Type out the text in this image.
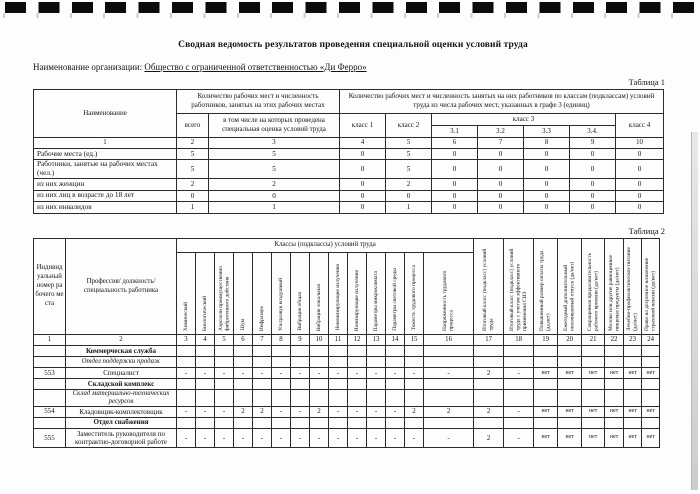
Сводная ведомость результатов проведения специальной оценки условий труда
Наименование организации: Общество с ограниченной ответственностью «Ди Ферро»
Таблица 1
Наименование	Количество рабочих мест и численность работников, занятых на этих рабочих местах		Количество рабочих мест и численность занятых на них работников по классам (подклассам) условий труда из числа рабочих мест, указанных в графе 3 (единиц)						
	всего	в том числе на которых проведена специальная оценка условий труда	класс 1	класс 2	класс 3				класс 4
					3.1	3.2	3.3	3.4.	
1	2	3	4	5	6	7	8	9	10
Рабочие места (ед.)	5	5	0	5	0	0	0	0	0
Работники, занятые на рабочих местах (чел.)	5	5	0	5	0	0	0	0	0
из них женщин	2	2	0	2	0	0	0	0	0
из них лиц в возрасте до 18 лет	0	0	0	0	0	0	0	0	0
из них инвалидов	1	1	0	1	0	0	0	0	0
Таблица 2
Индивидуальный номер рабочего места	Профессия/ должность/ специальность работника	Классы (подклассы) условий труда														Итоговый класс (подкласс) условий труда	Итоговый класс (подкласс) условий труда с учетом эффективного применения СИЗ	Повышенный размер оплаты труда (да,нет)	Ежегодный дополнительный оплачиваемый отпуск (да/нет)	Сокращенная продолжительность рабочего времени (да/нет)	Молоко или другие равноценные пищевые продукты (да/нет)	Лечебно-профилактическое питание (да/нет)	Право на досрочное назначение страховой пенсии (да/нет)
		Химический	Биологический	Аэрозоли преимущественно фиброгенного действия	Шум	Инфразвук	Ультразвук воздушный	Вибрация общая	Вибрация локальная	Неионизирующие излучения	Ионизирующие излучения	Параметры микроклимата	Параметры световой среды	Тяжесть трудового процесса	Напряженность трудового процесса								
1	2	3	4	5	6	7	8	9	10	11	12	13	14	15	16	17	18	19	20	21	22	23	24
	Коммерческая служба																						
	Отдел поддержки продаж																						
553	Специалист	-	-	-	-	-	-	-	-	-	-	-	-	-	-	2	-	нет	нет	нет	нет	нет	нет
	Складской комплекс																						
	Склад материально-технических ресурсов																						
554	Кладовщик-комплектовщик	-	-	-	2	2	-	-	2	-	-	-	-	2	2	2	-	нет	нет	нет	нет	нет	нет
	Отдел снабжения																						
555	Заместитель руководителя по контрактно-договорной работе	-	-	-	-	-	-	-	-	-	-	-	-	-	-	2	-	нет	нет	нет	нет	нет	нет
